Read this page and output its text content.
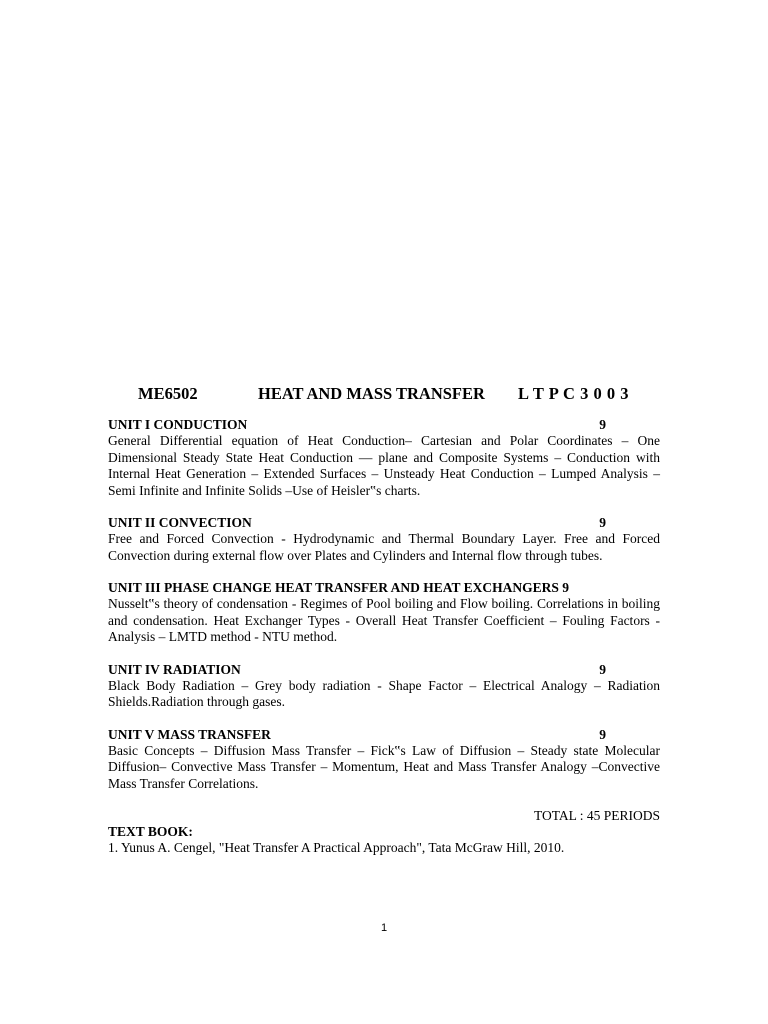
ME6502	HEAT AND MASS TRANSFER L T P C 3 0 0 3
UNIT I CONDUCTION	9

General Differential equation of Heat Conduction– Cartesian and Polar Coordinates – One Dimensional Steady State Heat Conduction — plane and Composite Systems – Conduction with Internal Heat Generation – Extended Surfaces – Unsteady Heat Conduction – Lumped Analysis –Semi Infinite and Infinite Solids –Use of Heisler‟s charts.

UNIT II CONVECTION	9

Free and Forced Convection - Hydrodynamic and Thermal Boundary Layer. Free and Forced Convection during external flow over Plates and Cylinders and Internal flow through tubes.

UNIT III PHASE CHANGE HEAT TRANSFER AND HEAT EXCHANGERS 9

Nusselt‟s theory of condensation - Regimes of Pool boiling and Flow boiling. Correlations in boiling and condensation. Heat Exchanger Types - Overall Heat Transfer Coefficient – Fouling Factors -Analysis – LMTD method - NTU method.

UNIT IV RADIATION	9

Black Body Radiation – Grey body radiation - Shape Factor – Electrical Analogy – Radiation Shields.Radiation through gases.

UNIT V MASS TRANSFER	9

Basic Concepts – Diffusion Mass Transfer – Fick‟s Law of Diffusion – Steady state Molecular Diffusion– Convective Mass Transfer – Momentum, Heat and Mass Transfer Analogy –Convective Mass Transfer Correlations.

TOTAL : 45 PERIODS
TEXT BOOK:
1. Yunus A. Cengel, "Heat Transfer A Practical Approach", Tata McGraw Hill, 2010.
1
